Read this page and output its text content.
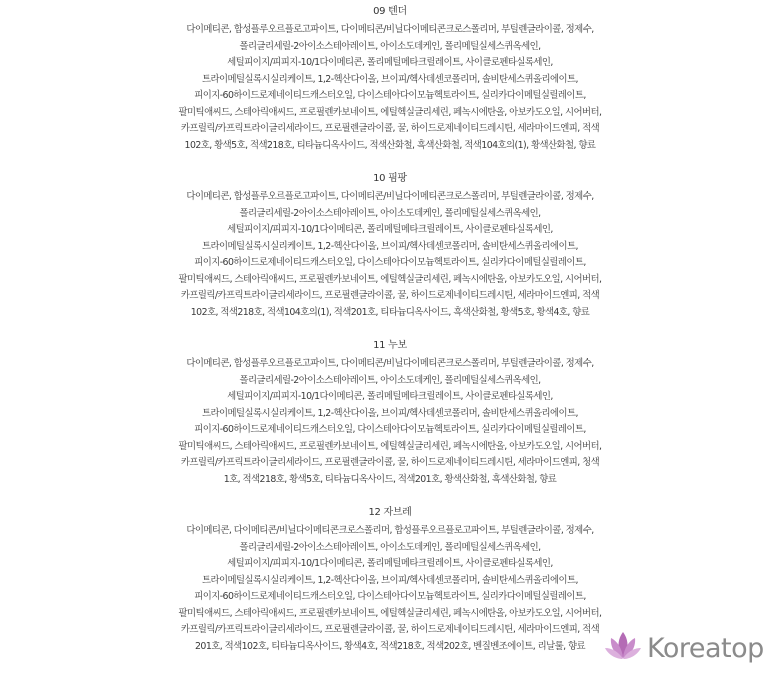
09 텐더
다이메티콘, 합성플루오르플로고파이트, 다이메티콘/비닐다이메티콘크로스폴리머, 부틸렌글라이콜, 정제수,
폴리글리세릴-2아이소스테아레이트, 아이소도데케인, 폴리메틸실세스퀴옥세인,
세틸피이지/피피지-10/1다이메티콘, 폴리메틸메타크릴레이트, 사이클로펜타실록세인,
트라이메틸실록시실리케이트, 1,2-헥산다이올, 브이피/헥사데센코폴리머, 솔비탄세스퀴올리에이트,
피이지-60하이드로제네이티드캐스터오일, 다이스테아다이모늄헥토라이트, 실리카다이메틸실릴레이트,
팔미틱애씨드, 스테아릭애씨드, 프로필렌카보네이트, 에틸헥실글리세린, 페녹시에탄올, 아보카도오일, 시어버터,
카프릴릭/카프릭트라이글리세라이드, 프로필렌글라이콜, 꿀, 하이드로제네이티드레시틴, 세라마이드엔피, 적색
102호, 황색5호, 적색218호, 티타늄디옥사이드, 적색산화철, 흑색산화철, 적색104호의(1), 황색산화철, 향료
10 핌팡
다이메티콘, 합성플루오르플로고파이트, 다이메티콘/비닐다이메티콘크로스폴리머, 부틸렌글라이콜, 정제수,
폴리글리세릴-2아이소스테아레이트, 아이소도데케인, 폴리메틸실세스퀴옥세인,
세틸피이지/피피지-10/1다이메티콘, 폴리메틸메타크릴레이트, 사이클로펜타실록세인,
트라이메틸실록시실리케이트, 1,2-헥산다이올, 브이피/헥사데센코폴리머, 솔비탄세스퀴올리에이트,
피이지-60하이드로제네이티드캐스터오일, 다이스테아다이모늄헥토라이트, 실리카다이메틸실릴레이트,
팔미틱애씨드, 스테아릭애씨드, 프로필렌카보네이트, 에틸헥실글리세린, 페녹시에탄올, 아보카도오일, 시어버터,
카프릴릭/카프릭트라이글리세라이드, 프로필렌글라이콜, 꿀, 하이드로제네이티드레시틴, 세라마이드엔피, 적색
102호, 적색218호, 적색104호의(1), 적색201호, 티타늄디옥사이드, 흑색산화철, 황색5호, 황색4호, 향료
11 누보
다이메티콘, 합성플루오르플로고파이트, 다이메티콘/비닐다이메티콘크로스폴리머, 부틸렌글라이콜, 정제수,
폴리글리세릴-2아이소스테아레이트, 아이소도데케인, 폴리메틸실세스퀴옥세인,
세틸피이지/피피지-10/1다이메티콘, 폴리메틸메타크릴레이트, 사이클로펜타실록세인,
트라이메틸실록시실리케이트, 1,2-헥산다이올, 브이피/헥사데센코폴리머, 솔비탄세스퀴올리에이트,
피이지-60하이드로제네이티드캐스터오일, 다이스테아다이모늄헥토라이트, 실리카다이메틸실릴레이트,
팔미틱애씨드, 스테아릭애씨드, 프로필렌카보네이트, 에틸헥실글리세린, 페녹시에탄올, 아보카도오일, 시어버터,
카프릴릭/카프릭트라이글리세라이드, 프로필렌글라이콜, 꿀, 하이드로제네이티드레시틴, 세라마이드엔피, 청색
1호, 적색218호, 황색5호, 티타늄디옥사이드, 적색201호, 황색산화철, 흑색산화철, 향료
12 자브레
다이메티콘, 다이메티콘/비닐다이메티콘크로스폴리머, 합성플루오르플로고파이트, 부틸렌글라이콜, 정제수,
폴리글리세릴-2아이소스테아레이트, 아이소도데케인, 폴리메틸실세스퀴옥세인,
세틸피이지/피피지-10/1다이메티콘, 폴리메틸메타크릴레이트, 사이클로펜타실록세인,
트라이메틸실록시실리케이트, 1,2-헥산다이올, 브이피/헥사데센코폴리머, 솔비탄세스퀴올리에이트,
피이지-60하이드로제네이티드캐스터오일, 다이스테아다이모늄헥토라이트, 실리카다이메틸실릴레이트,
팔미틱애씨드, 스테아릭애씨드, 프로필렌카보네이트, 에틸헥실글리세린, 페녹시에탄올, 아보카도오일, 시어버터,
카프릴릭/카프릭트라이글리세라이드, 프로필렌글라이콜, 꿀, 하이드로제네이티드레시틴, 세라마이드엔피, 적색
201호, 적색102호, 티타늄디옥사이드, 황색4호, 적색218호, 적색202호, 벤질벤조에이트, 리날룰, 향료	Koreatop
